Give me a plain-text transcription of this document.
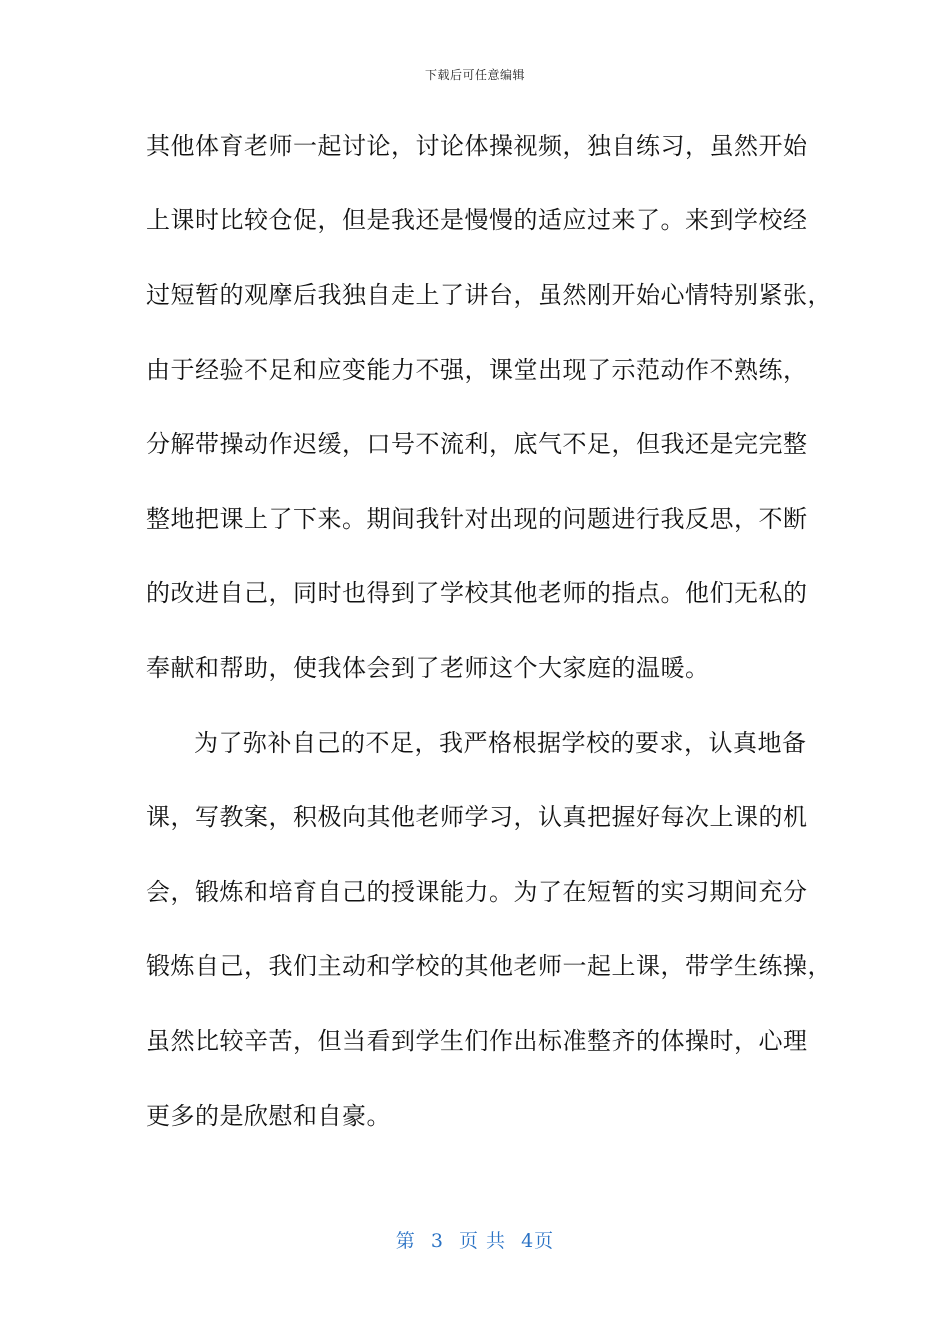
下载后可任意编辑
其他体育老师一起讨论，讨论体操视频，独自练习，虽然开始
上课时比较仓促，但是我还是慢慢的适应过来了。来到学校经
过短暂的观摩后我独自走上了讲台，虽然刚开始心情特别紧张，
由于经验不足和应变能力不强，课堂出现了示范动作不熟练，
分解带操动作迟缓，口号不流利，底气不足，但我还是完完整
整地把课上了下来。期间我针对出现的问题进行我反思，不断
的改进自己，同时也得到了学校其他老师的指点。他们无私的
奉献和帮助，使我体会到了老师这个大家庭的温暖。
为了弥补自己的不足，我严格根据学校的要求，认真地备
课，写教案，积极向其他老师学习，认真把握好每次上课的机
会，锻炼和培育自己的授课能力。为了在短暂的实习期间充分
锻炼自己，我们主动和学校的其他老师一起上课，带学生练操，
虽然比较辛苦，但当看到学生们作出标准整齐的体操时，心理
更多的是欣慰和自豪。
第 3 页 共 4页
